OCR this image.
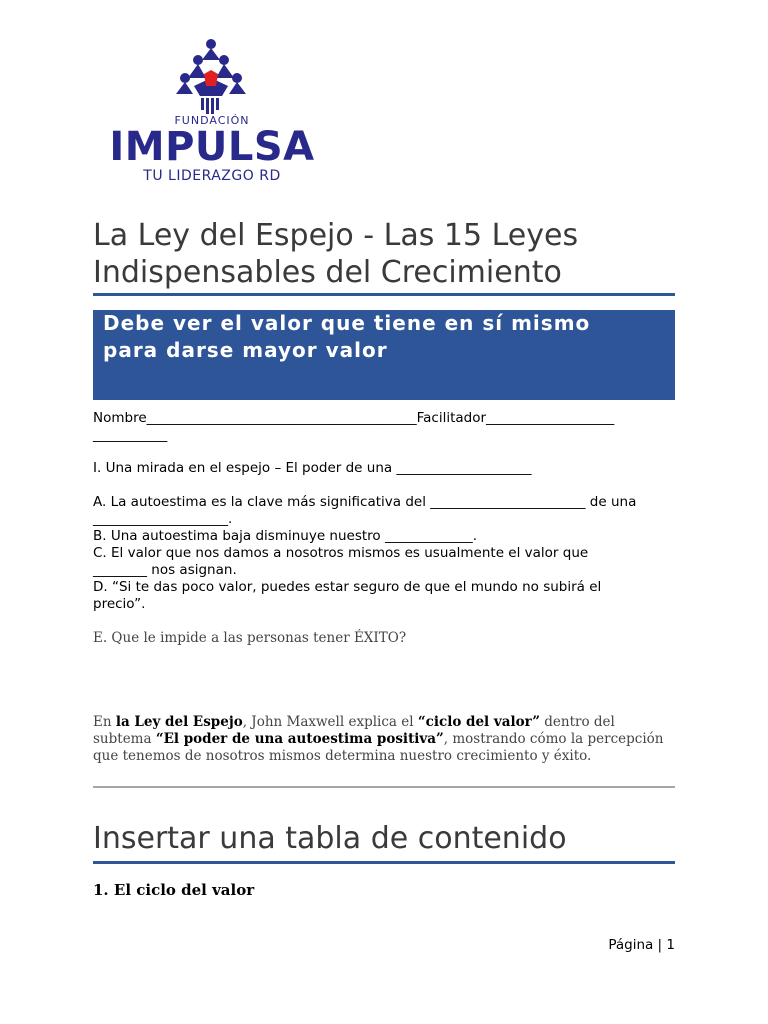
FUNDACIÓN
IMPULSA
TU LIDERAZGO RD
La Ley del Espejo - Las 15 Leyes
Indispensables del Crecimiento
Debe ver el valor que tiene en sí mismo
para darse mayor valor
Nombre________________________________________Facilitador___________________
___________
I. Una mirada en el espejo – El poder de una ____________________
A. La autoestima es la clave más significativa del _______________________ de una
____________________.
B. Una autoestima baja disminuye nuestro _____________.
C. El valor que nos damos a nosotros mismos es usualmente el valor que
________ nos asignan.
D. “Si te das poco valor, puedes estar seguro de que el mundo no subirá el
precio”.
E. Que le impide a las personas tener ÉXITO?
En la Ley del Espejo, John Maxwell explica el “ciclo del valor” dentro del subtema “El poder de una autoestima positiva”, mostrando cómo la percepción que tenemos de nosotros mismos determina nuestro crecimiento y éxito.
Insertar una tabla de contenido
1. El ciclo del valor
Página | 1
